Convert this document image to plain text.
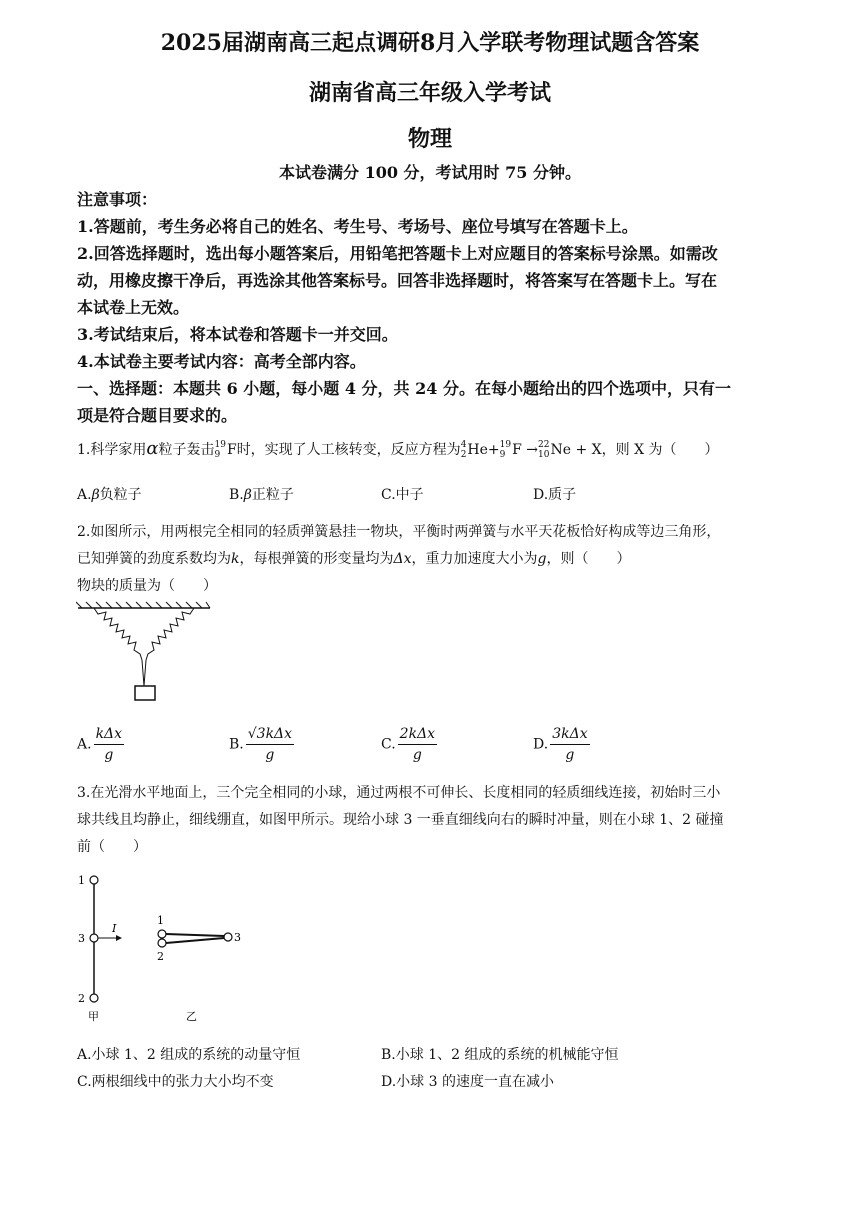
2025届湖南高三起点调研8月入学联考物理试题含答案
湖南省高三年级入学考试
物理
本试卷满分 100 分，考试用时 75 分钟。
注意事项：
1.答题前，考生务必将自己的姓名、考生号、考场号、座位号填写在答题卡上。
2.回答选择题时，选出每小题答案后，用铅笔把答题卡上对应题目的答案标号涂黑。如需改
动，用橡皮擦干净后，再选涂其他答案标号。回答非选择题时，将答案写在答题卡上。写在
本试卷上无效。
3.考试结束后，将本试卷和答题卡一并交回。
4.本试卷主要考试内容：高考全部内容。
一、选择题：本题共 6 小题，每小题 4 分，共 24 分。在每小题给出的四个选项中，只有一
项是符合题目要求的。
1.科学家用α粒子轰击19
9 F时，实现了人工核转变，反应方程为4
2He+19
9 F →22
10Ne + X，则 X 为（　　）
A.β负粒子	B.β正粒子	C.中子	D.质子
2.如图所示，用两根完全相同的轻质弹簧悬挂一物块，平衡时两弹簧与水平天花板恰好构成等边三角形，
已知弹簧的劲度系数均为k，每根弹簧的形变量均为Δx，重力加速度大小为g，则（　　）
物块的质量为（　　）
A. $\frac{\text{kΔx}}{g}$	B. $\frac{\text{√3kΔx}}{g}$	C. $\frac{\text{2kΔx}}{g}$	D. $\frac{\text{3kΔx}}{g}$
3.在光滑水平地面上，三个完全相同的小球，通过两根不可伸长、长度相同的轻质细线连接，初始时三小
球共线且均静止，细线绷直，如图甲所示。现给小球 3 一垂直细线向右的瞬时冲量，则在小球 1、2 碰撞
前（　　）
1
3
2
I
甲
1
2
3
乙
A.小球 1、2 组成的系统的动量守恒	B.小球 1、2 组成的系统的机械能守恒
C.两根细线中的张力大小均不变	D.小球 3 的速度一直在减小
